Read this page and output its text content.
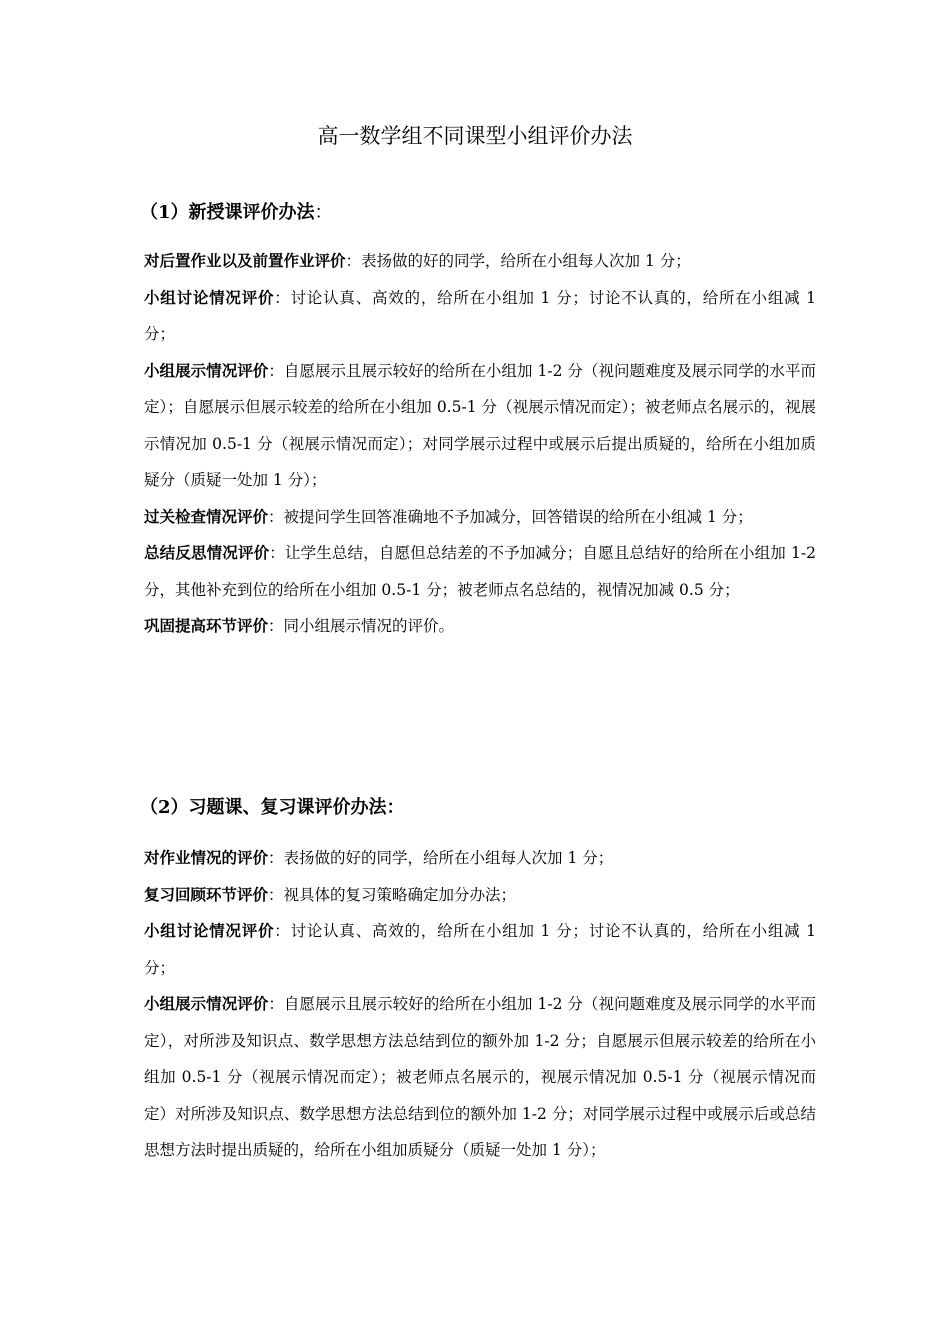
高一数学组不同课型小组评价办法
（1）新授课评价办法：

对后置作业以及前置作业评价：表扬做的好的同学，给所在小组每人次加 1 分；

小组讨论情况评价：讨论认真、高效的，给所在小组加 1 分；讨论不认真的，给所在小组减 1 分；

小组展示情况评价：自愿展示且展示较好的给所在小组加 1-2 分（视问题难度及展示同学的水平而定）；自愿展示但展示较差的给所在小组加 0.5-1 分（视展示情况而定）；被老师点名展示的，视展示情况加 0.5-1 分（视展示情况而定）；对同学展示过程中或展示后提出质疑的，给所在小组加质疑分（质疑一处加 1 分）；

过关检查情况评价：被提问学生回答准确地不予加减分，回答错误的给所在小组减 1 分；

总结反思情况评价：让学生总结，自愿但总结差的不予加减分；自愿且总结好的给所在小组加 1-2 分，其他补充到位的给所在小组加 0.5-1 分；被老师点名总结的，视情况加减 0.5 分；

巩固提高环节评价：同小组展示情况的评价。

（2）习题课、复习课评价办法：

对作业情况的评价：表扬做的好的同学，给所在小组每人次加 1 分；

复习回顾环节评价：视具体的复习策略确定加分办法；

小组讨论情况评价：讨论认真、高效的，给所在小组加 1 分；讨论不认真的，给所在小组减 1 分；

小组展示情况评价：自愿展示且展示较好的给所在小组加 1-2 分（视问题难度及展示同学的水平而定），对所涉及知识点、数学思想方法总结到位的额外加 1-2 分；自愿展示但展示较差的给所在小组加 0.5-1 分（视展示情况而定）；被老师点名展示的，视展示情况加 0.5-1 分（视展示情况而定）对所涉及知识点、数学思想方法总结到位的额外加 1-2 分；对同学展示过程中或展示后或总结思想方法时提出质疑的，给所在小组加质疑分（质疑一处加 1 分）；
